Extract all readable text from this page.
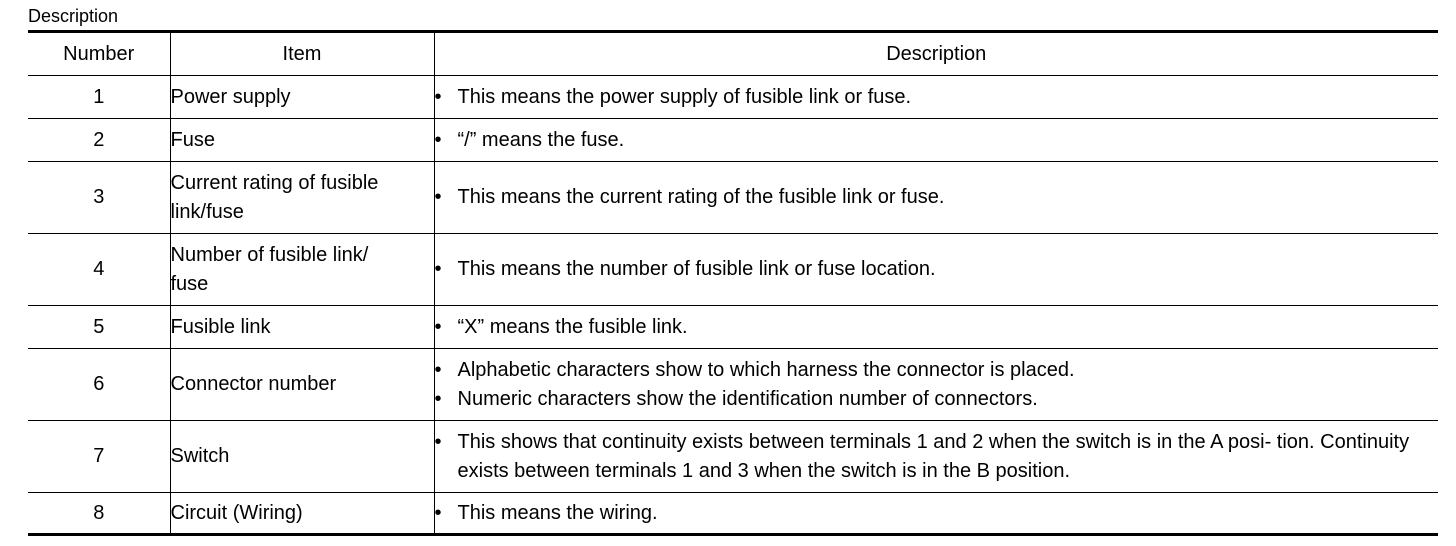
Description
Number	Item	Description
1	Power supply	• This means the power supply of fusible link or fuse.

2	Fuse	• “/” means the fuse.

3	Current rating of fusible
link/fuse	• This means the current rating of the fusible link or fuse.

4	Number of fusible link/
fuse	• This means the number of fusible link or fuse location.

5	Fusible link	• “X” means the fusible link.

6	Connector number	• Alphabetic characters show to which harness the connector is placed.
• Numeric characters show the identification number of connectors.

7	Switch	• This shows that continuity exists between terminals 1 and 2 when the switch is in the A posi- tion. Continuity exists between terminals 1 and 3 when the switch is in the B position.

8	Circuit (Wiring)	• This means the wiring.
